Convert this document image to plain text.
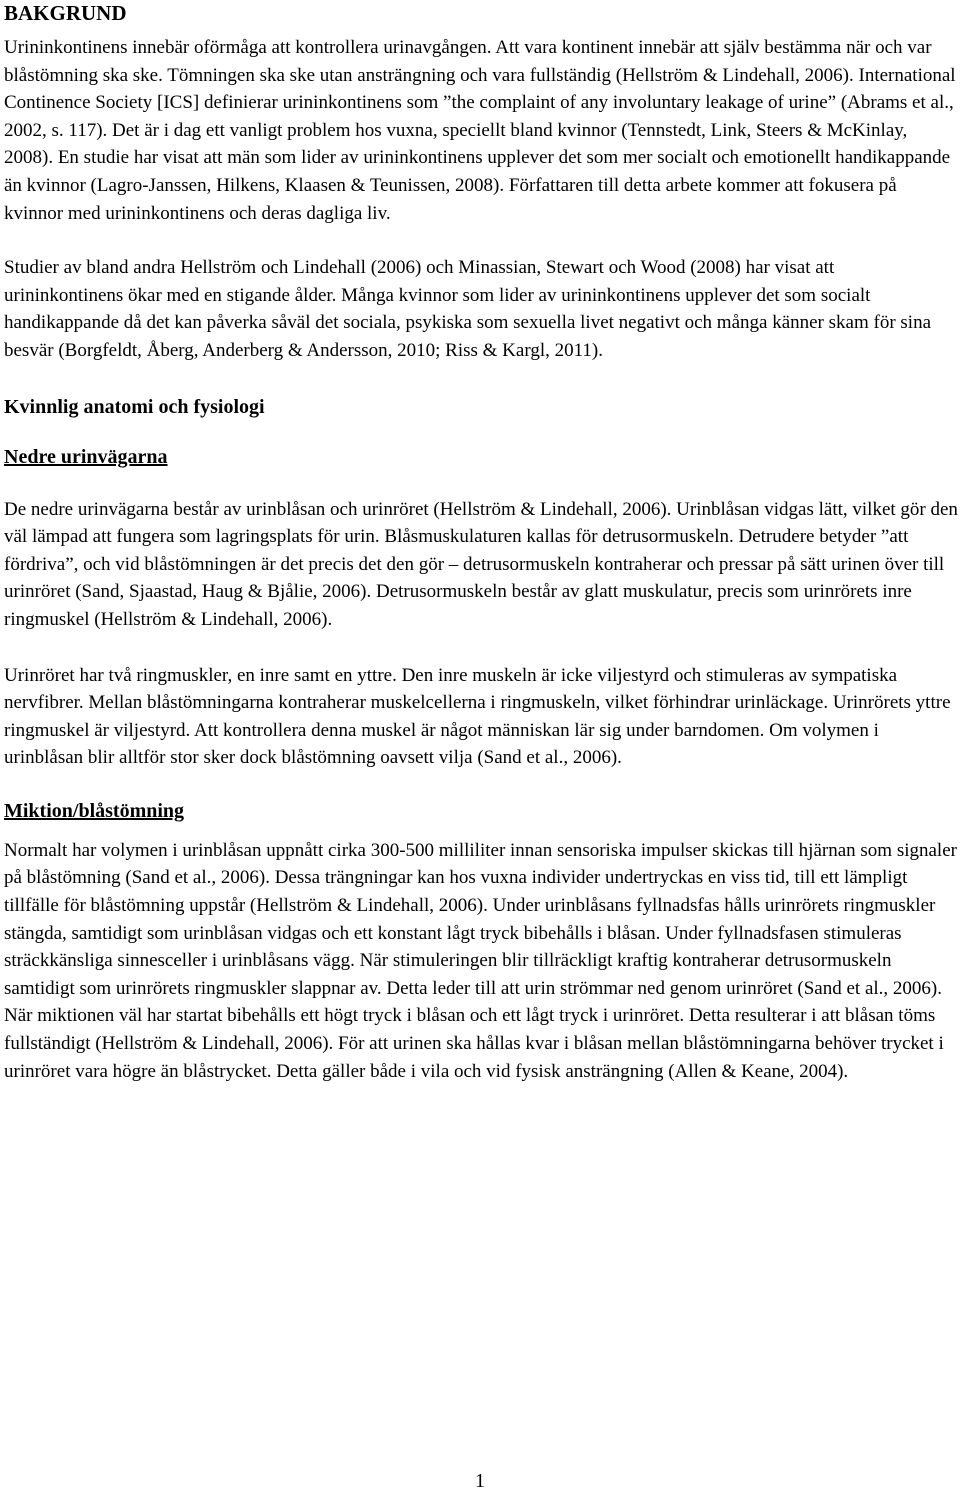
BAKGRUND

Urininkontinens innebär oförmåga att kontrollera urinavgången. Att vara kontinent innebär att själv bestämma när och var blåstömning ska ske. Tömningen ska ske utan ansträngning och vara fullständig (Hellström & Lindehall, 2006). International Continence Society [ICS] definierar urininkontinens som ”the complaint of any involuntary leakage of urine” (Abrams et al., 2002, s. 117). Det är i dag ett vanligt problem hos vuxna, speciellt bland kvinnor (Tennstedt, Link, Steers & McKinlay, 2008). En studie har visat att män som lider av urininkontinens upplever det som mer socialt och emotionellt handikappande än kvinnor (Lagro-Janssen, Hilkens, Klaasen & Teunissen, 2008). Författaren till detta arbete kommer att fokusera på kvinnor med urininkontinens och deras dagliga liv.

Studier av bland andra Hellström och Lindehall (2006) och Minassian, Stewart och Wood (2008) har visat att urininkontinens ökar med en stigande ålder. Många kvinnor som lider av urininkontinens upplever det som socialt handikappande då det kan påverka såväl det sociala, psykiska som sexuella livet negativt och många känner skam för sina besvär (Borgfeldt, Åberg, Anderberg & Andersson, 2010; Riss & Kargl, 2011).

Kvinnlig anatomi och fysiologi
Nedre urinvägarna

De nedre urinvägarna består av urinblåsan och urinröret (Hellström & Lindehall, 2006). Urinblåsan vidgas lätt, vilket gör den väl lämpad att fungera som lagringsplats för urin. Blåsmuskulaturen kallas för detrusormuskeln. Detrudere betyder ”att fördriva”, och vid blåstömningen är det precis det den gör – detrusormuskeln kontraherar och pressar på sätt urinen över till urinröret (Sand, Sjaastad, Haug & Bjålie, 2006). Detrusormuskeln består av glatt muskulatur, precis som urinrörets inre ringmuskel (Hellström & Lindehall, 2006).

Urinröret har två ringmuskler, en inre samt en yttre. Den inre muskeln är icke viljestyrd och stimuleras av sympatiska nervfibrer. Mellan blåstömningarna kontraherar muskelcellerna i ringmuskeln, vilket förhindrar urinläckage. Urinrörets yttre ringmuskel är viljestyrd. Att kontrollera denna muskel är något människan lär sig under barndomen. Om volymen i urinblåsan blir alltför stor sker dock blåstömning oavsett vilja (Sand et al., 2006).

Miktion/blåstömning

Normalt har volymen i urinblåsan uppnått cirka 300-500 milliliter innan sensoriska impulser skickas till hjärnan som signaler på blåstömning (Sand et al., 2006). Dessa trängningar kan hos vuxna individer undertryckas en viss tid, till ett lämpligt tillfälle för blåstömning uppstår (Hellström & Lindehall, 2006). Under urinblåsans fyllnadsfas hålls urinrörets ringmuskler stängda, samtidigt som urinblåsan vidgas och ett konstant lågt tryck bibehålls i blåsan. Under fyllnadsfasen stimuleras sträckkänsliga sinnesceller i urinblåsans vägg. När stimuleringen blir tillräckligt kraftig kontraherar detrusormuskeln samtidigt som urinrörets ringmuskler slappnar av. Detta leder till att urin strömmar ned genom urinröret (Sand et al., 2006). När miktionen väl har startat bibehålls ett högt tryck i blåsan och ett lågt tryck i urinröret. Detta resulterar i att blåsan töms fullständigt (Hellström & Lindehall, 2006). För att urinen ska hållas kvar i blåsan mellan blåstömningarna behöver trycket i urinröret vara högre än blåstrycket. Detta gäller både i vila och vid fysisk ansträngning (Allen & Keane, 2004).

1
